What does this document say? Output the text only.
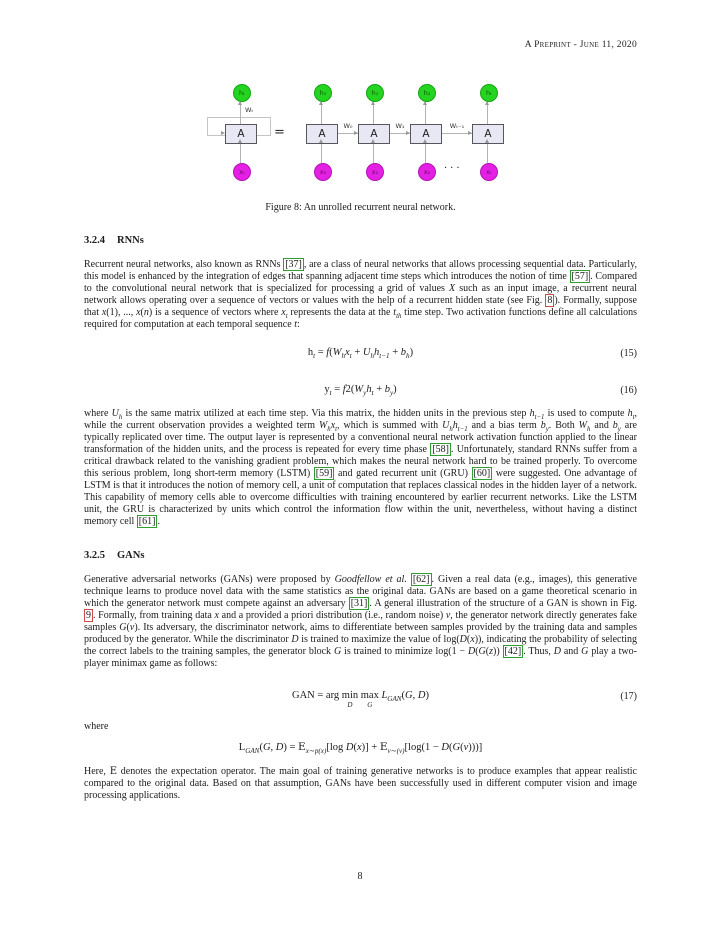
A Preprint - June 11, 2020
Wₜ
hₜ
A
xₜ
=
h₀
A
x₀
W₀
h₁
A
x₁
W₁
h₂
A
x₂
Wₜ₋₁
...
hₜ
A
xₜ
Figure 8: An unrolled recurrent neural network.
3.2.4 RNNs
Recurrent neural networks, also known as RNNs [37] , are a class of neural networks that allows processing sequential data. Particularly, this model is enhanced by the integration of edges that spanning adjacent time steps which introduces the notion of time [57] . Compared to the convolutional neural network that is specialized for processing a grid of values X such as an input image, a recurrent neural network allows operating over a sequence of vectors or values with the help of a recurrent hidden state (see Fig. 8 ). Formally, suppose that x(1), ..., x(n) is a sequence of vectors where $x_t$ represents the data at the $t_{th}$ time step. Two activation functions define all calculations required for computation at each temporal sequence t:
$h_t = f(W_hx_t + U_hh_{t-1} + b_h)$	(15)
$y_t = f2(W_yh_t + b_y)$	(16)
where $U_h$ is the same matrix utilized at each time step. Via this matrix, the hidden units in the previous step $h_{t-1}$ is used to compute $h_t$, while the current observation provides a weighted term $W_hx_t$, which is summed with $U_hh_{t-1}$ and a bias term $b_y$. Both $W_h$ and $b_y$ are typically replicated over time. The output layer is represented by a conventional neural network activation function applied to the linear transformation of the hidden units, and the process is repeated for every time phase [58] . Unfortunately, standard RNNs suffer from a critical drawback related to the vanishing gradient problem, which makes the neural network hard to be trained properly. To overcome this serious problem, long short-term memory (LSTM) [59] and gated recurrent unit (GRU) [60] were suggested. One advantage of LSTM is that it introduces the notion of memory cell, a unit of computation that replaces classical nodes in the hidden layer of a network. This capability of memory cells able to overcome difficulties with training encountered by earlier recurrent networks. Like the LSTM unit, the GRU is characterized by units which control the information flow within the unit, nevertheless, without having a distinct memory cell [61] .
3.2.5 GANs
Generative adversarial networks (GANs) were proposed by Goodfellow et al. [62] . Given a real data (e.g., images), this generative technique learns to produce novel data with the same statistics as the original data. GANs are based on a game theoretical scenario in which the generator network must compete against an adversary [31] . A general illustration of the structure of a GAN is shown in Fig. 9 . Formally, from training data x and a provided a priori distribution (i.e., random noise) v, the generator network directly generates fake samples G(v). Its adversary, the discriminator network, aims to differentiate between samples provided by the training data and samples produced by the generator. While the discriminator D is trained to maximize the value of log(D(x)), indicating the probability of selecting the correct labels to the training samples, the generator block G is trained to minimize log(1 − D(G(z)) [42] . Thus, D and G play a two-player minimax game as follows:
GAN = arg min
D

max
G
$L_{GAN}(G$, D)	(17)
where
$L_{GAN}(G$, $D) = E_{x\sim p(x)}[\log$ $D(x)] + E_{v\sim(v)}[\log(1 - D(G(v)))]$
Here, E denotes the expectation operator. The main goal of training generative networks is to produce examples that appear realistic compared to the original data. Based on that assumption, GANs have been successfully used in different computer vision and image processing applications.
8
